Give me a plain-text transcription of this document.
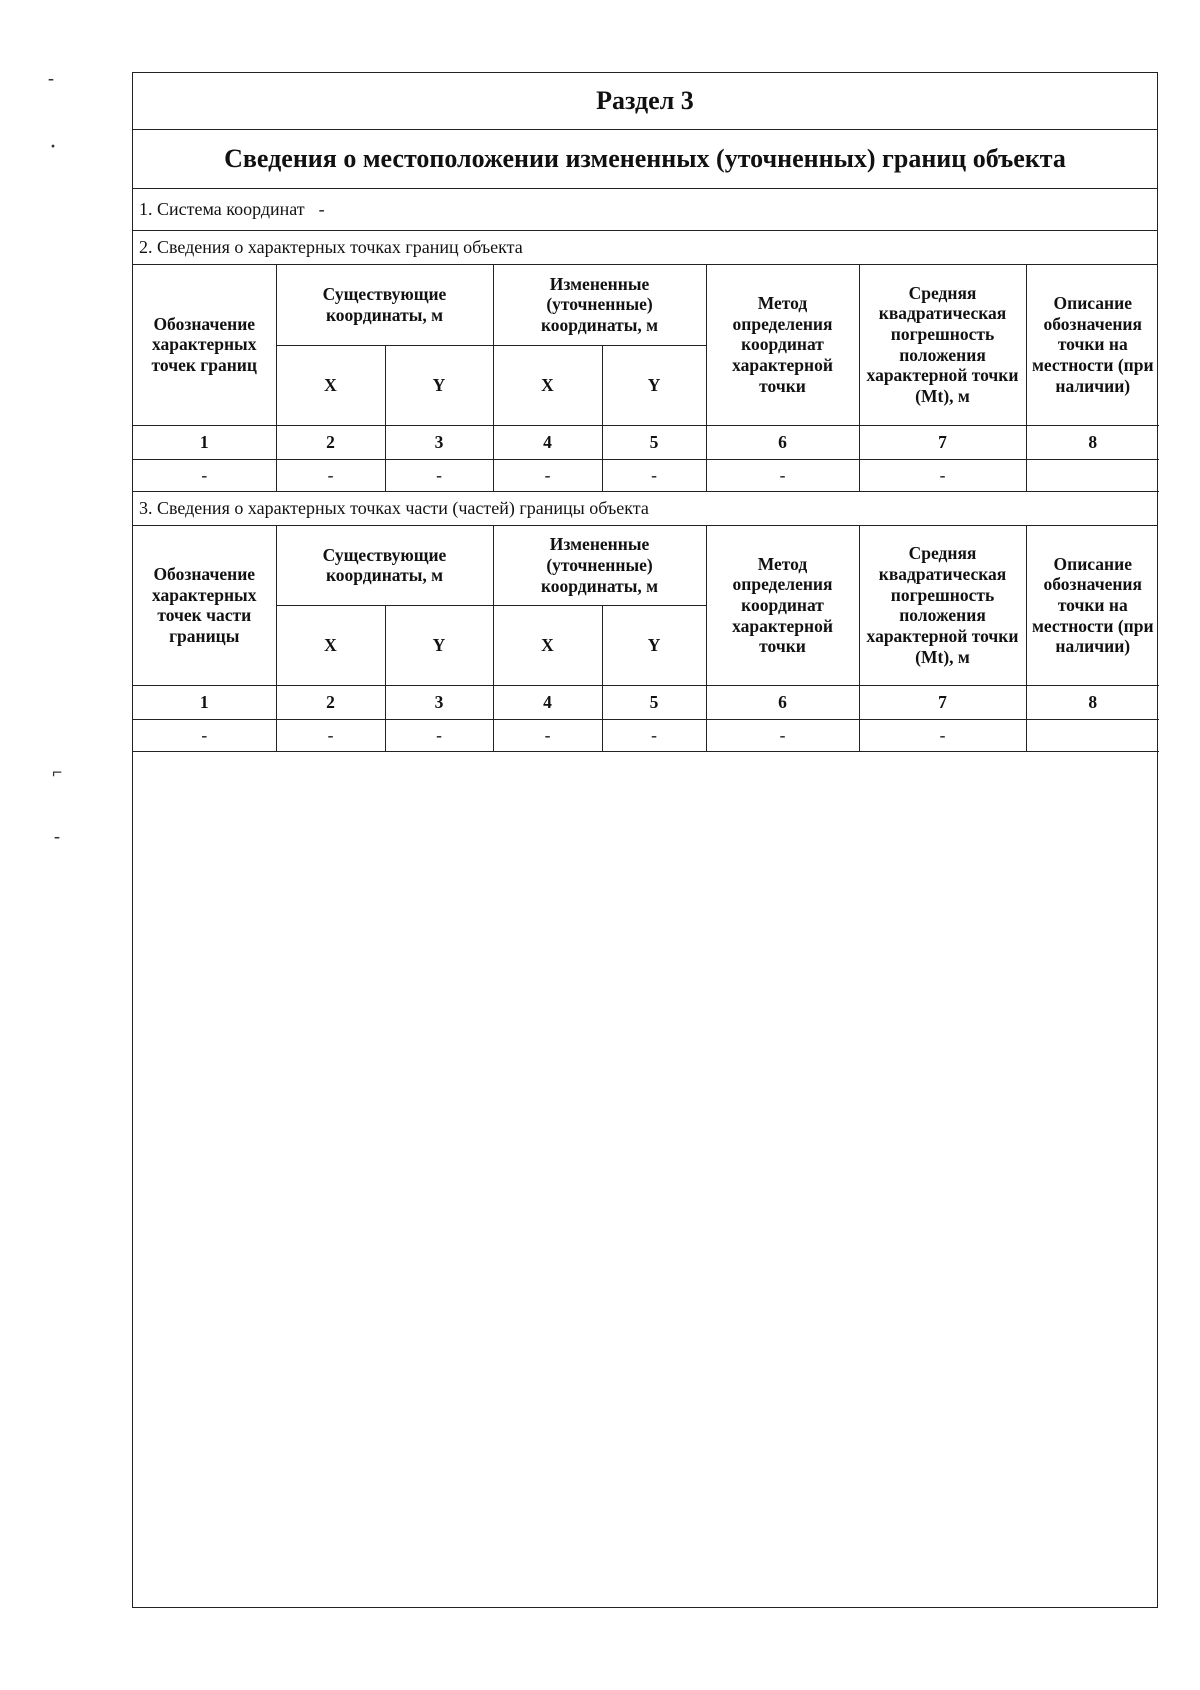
-
·
⌐
-
Раздел 3
Сведения о местоположении измененных (уточненных) границ объекта
1. Система координат -
2. Сведения о характерных точках границ объекта
Обозначение характерных точек границ	Существующие координаты, м		Измененные (уточненные) координаты, м		Метод определения координат характерной точки	Средняя квадратическая погрешность положения характерной точки (Mt), м	Описание обозначения точки на местности (при наличии)
	X	Y	X	Y			
1	2	3	4	5	6	7	8
-	-	-	-	-	-	-	
3. Сведения о характерных точках части (частей) границы объекта
Обозначение характерных точек части границы	Существующие координаты, м		Измененные (уточненные) координаты, м		Метод определения координат характерной точки	Средняя квадратическая погрешность положения характерной точки (Mt), м	Описание обозначения точки на местности (при наличии)
	X	Y	X	Y			
1	2	3	4	5	6	7	8
-	-	-	-	-	-	-	
